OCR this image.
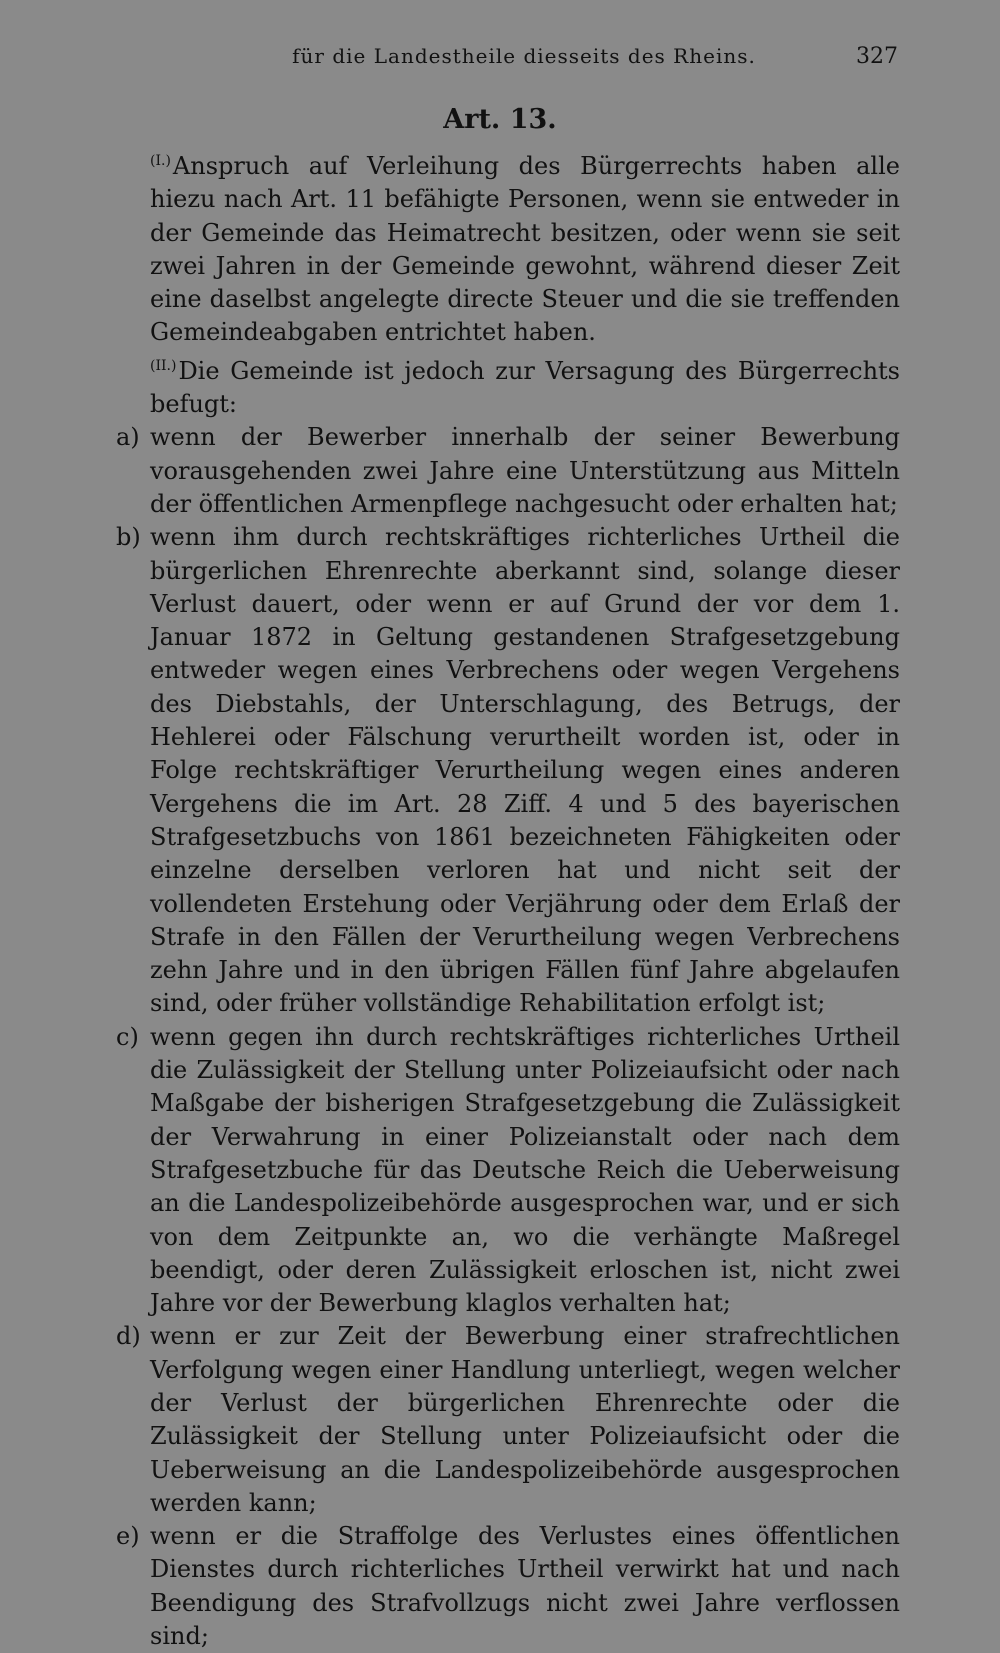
für die Landestheile diesseits des Rheins.	327
Art. 13.

$^{(I.)}$Anspruch auf Verleihung des Bürgerrechts haben alle hiezu nach Art. 11 befähigte Personen, wenn sie entweder in der Gemeinde das Heimatrecht besitzen, oder wenn sie seit zwei Jahren in der Gemeinde gewohnt, während dieser Zeit eine daselbst angelegte directe Steuer und die sie treffenden Gemeindeabgaben entrichtet haben.

$^{(II.)}$Die Gemeinde ist jedoch zur Versagung des Bürgerrechts befugt:

a) wenn der Bewerber innerhalb der seiner Bewerbung vorausgehenden zwei Jahre eine Unterstützung aus Mitteln der öffentlichen Armenpflege nachgesucht oder erhalten hat;
b) wenn ihm durch rechtskräftiges richterliches Urtheil die bürgerlichen Ehrenrechte aberkannt sind, solange dieser Verlust dauert, oder wenn er auf Grund der vor dem 1. Januar 1872 in Geltung gestandenen Strafgesetzgebung entweder wegen eines Verbrechens oder wegen Vergehens des Diebstahls, der Unterschlagung, des Betrugs, der Hehlerei oder Fälschung verurtheilt worden ist, oder in Folge rechtskräftiger Verurtheilung wegen eines anderen Vergehens die im Art. 28 Ziff. 4 und 5 des bayerischen Strafgesetzbuchs von 1861 bezeichneten Fähigkeiten oder einzelne derselben verloren hat und nicht seit der vollendeten Erstehung oder Verjährung oder dem Erlaß der Strafe in den Fällen der Verurtheilung wegen Verbrechens zehn Jahre und in den übrigen Fällen fünf Jahre abgelaufen sind, oder früher vollständige Rehabilitation erfolgt ist;
c) wenn gegen ihn durch rechtskräftiges richterliches Urtheil die Zulässigkeit der Stellung unter Polizeiaufsicht oder nach Maßgabe der bisherigen Strafgesetzgebung die Zulässigkeit der Verwahrung in einer Polizeianstalt oder nach dem Strafgesetzbuche für das Deutsche Reich die Ueberweisung an die Landespolizeibehörde ausgesprochen war, und er sich von dem Zeitpunkte an, wo die verhängte Maßregel beendigt, oder deren Zulässigkeit erloschen ist, nicht zwei Jahre vor der Bewerbung klaglos verhalten hat;
d) wenn er zur Zeit der Bewerbung einer strafrechtlichen Verfolgung wegen einer Handlung unterliegt, wegen welcher der Verlust der bürgerlichen Ehrenrechte oder die Zulässigkeit der Stellung unter Polizeiaufsicht oder die Ueberweisung an die Landespolizeibehörde ausgesprochen werden kann;
e) wenn er die Straffolge des Verlustes eines öffentlichen Dienstes durch richterliches Urtheil verwirkt hat und nach Beendigung des Strafvollzugs nicht zwei Jahre verflossen sind;
